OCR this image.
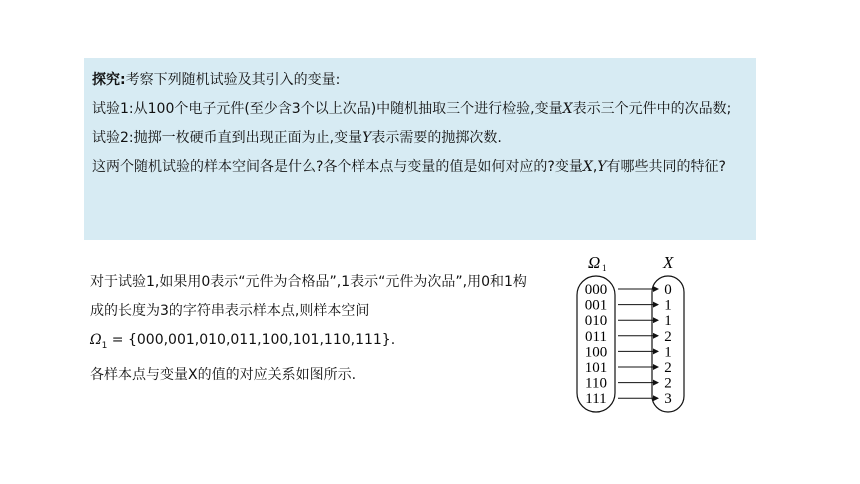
探究:考察下列随机试验及其引入的变量:
试验1:从100个电子元件(至少含3个以上次品)中随机抽取三个进行检验,变量X表示三个元件中的次品数;
试验2:抛掷一枚硬币直到出现正面为止,变量Y表示需要的抛掷次数.
这两个随机试验的样本空间各是什么?各个样本点与变量的值是如何对应的?变量X,Y有哪些共同的特征?
对于试验1,如果用0表示“元件为合格品”,1表示“元件为次品”,用0和1构成的长度为3的字符串表示样本点,则样本空间
$\Omega_1 = \{000,001,010,011,100,101,110,111\}$.
各样本点与变量X的值的对应关系如图所示.
Ω 1	X
000	0
001	1
010	1
011	2
100	1
101	2
110	2
111	3
